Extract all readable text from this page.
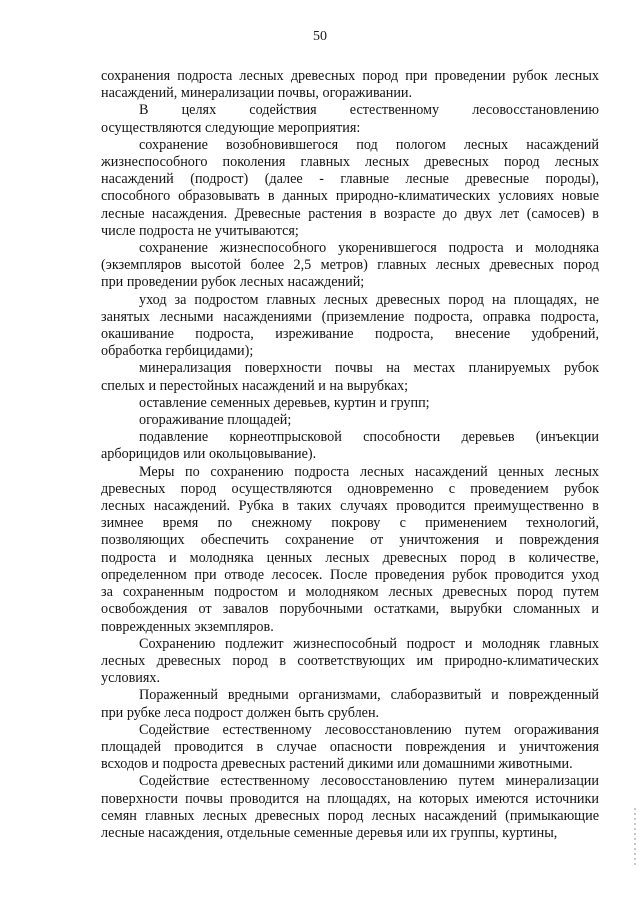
50
сохранения подроста лесных древесных пород при проведении рубок лесных
насаждений, минерализации почвы, огораживании.
В целях содействия естественному лесовосстановлению
осуществляются следующие мероприятия:
сохранение возобновившегося под пологом лесных насаждений
жизнеспособного поколения главных лесных древесных пород лесных
насаждений (подрост) (далее - главные лесные древесные породы),
способного образовывать в данных природно-климатических условиях новые
лесные насаждения. Древесные растения в возрасте до двух лет (самосев) в
числе подроста не учитываются;
сохранение жизнеспособного укоренившегося подроста и молодняка
(экземпляров высотой более 2,5 метров) главных лесных древесных пород
при проведении рубок лесных насаждений;
уход за подростом главных лесных древесных пород на площадях, не
занятых лесными насаждениями (приземление подроста, оправка подроста,
окашивание подроста, изреживание подроста, внесение удобрений,
обработка гербицидами);
минерализация поверхности почвы на местах планируемых рубок
спелых и перестойных насаждений и на вырубках;
оставление семенных деревьев, куртин и групп;
огораживание площадей;
подавление корнеотпрысковой способности деревьев (инъекции
арборицидов или окольцовывание).
Меры по сохранению подроста лесных насаждений ценных лесных
древесных пород осуществляются одновременно с проведением рубок
лесных насаждений. Рубка в таких случаях проводится преимущественно в
зимнее время по снежному покрову с применением технологий,
позволяющих обеспечить сохранение от уничтожения и повреждения
подроста и молодняка ценных лесных древесных пород в количестве,
определенном при отводе лесосек. После проведения рубок проводится уход
за сохраненным подростом и молодняком лесных древесных пород путем
освобождения от завалов порубочными остатками, вырубки сломанных и
поврежденных экземпляров.
Сохранению подлежит жизнеспособный подрост и молодняк главных
лесных древесных пород в соответствующих им природно-климатических
условиях.
Пораженный вредными организмами, слаборазвитый и поврежденный
при рубке леса подрост должен быть срублен.
Содействие естественному лесовосстановлению путем огораживания
площадей проводится в случае опасности повреждения и уничтожения
всходов и подроста древесных растений дикими или домашними животными.
Содействие естественному лесовосстановлению путем минерализации
поверхности почвы проводится на площадях, на которых имеются источники
семян главных лесных древесных пород лесных насаждений (примыкающие
лесные насаждения, отдельные семенные деревья или их группы, куртины,
